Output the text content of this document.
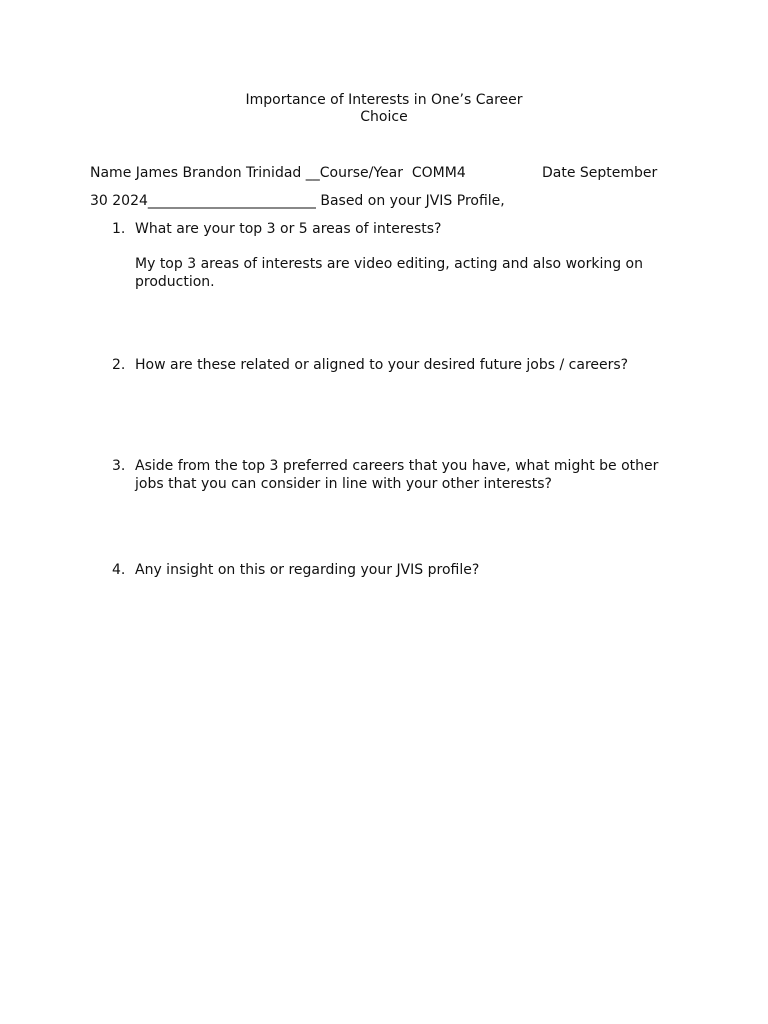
Importance of Interests in One’s Career
Choice
Name James Brandon Trinidad __Course/Year  COMM4	Date September
30 2024________________________ Based on your JVIS Profile,
1. What are your top 3 or 5 areas of interests?
My top 3 areas of interests are video editing, acting and also working on production.
2. How are these related or aligned to your desired future jobs / careers?
3. Aside from the top 3 preferred careers that you have, what might be other jobs that you can consider in line with your other interests?
4. Any insight on this or regarding your JVIS profile?
